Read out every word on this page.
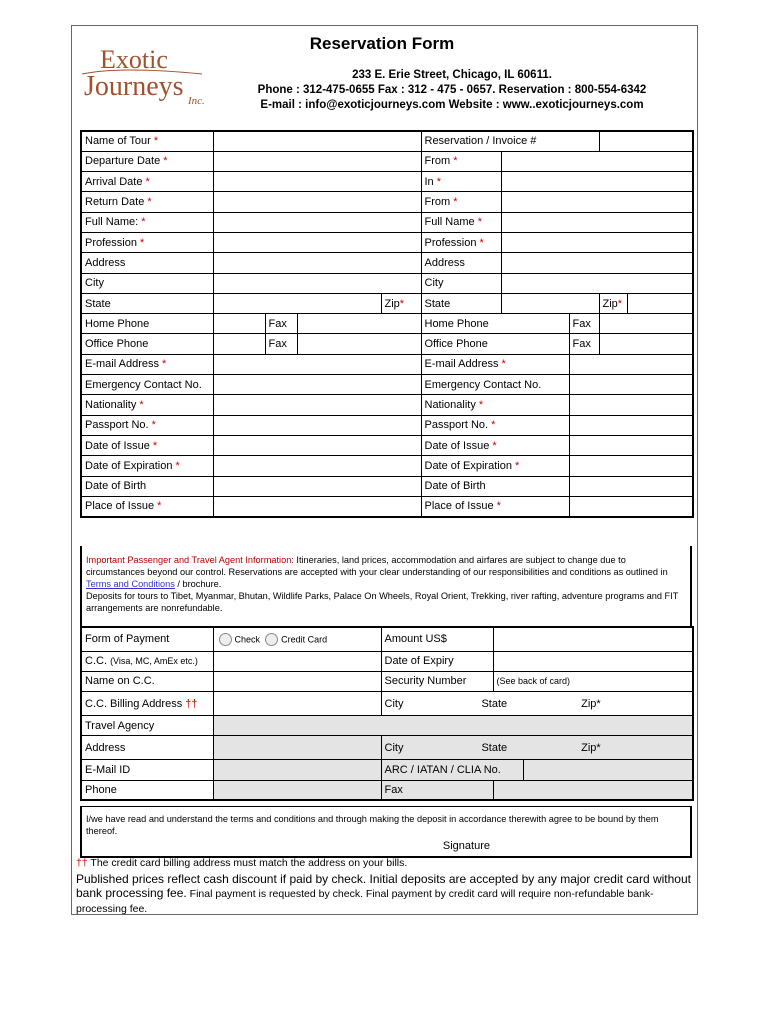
Exotic
Journeys Inc.
Reservation Form
233 E. Erie Street, Chicago, IL 60611.
Phone : 312-475-0655 Fax : 312 - 475 - 0657. Reservation : 800-554-6342
E-mail : info@exoticjourneys.com Website : www..exoticjourneys.com
Name of Tour *					Reservation / Invoice #				
Departure Date *					From *				
Arrival Date *					In *				
Return Date *					From *				
Full Name: *					Full Name *				
Profession *					Profession *				
Address					Address				
City					City				
State				Zip*	State			Zip*	
Home Phone		Fax			Home Phone		Fax		
Office Phone		Fax			Office Phone		Fax		
E-mail Address *					E-mail Address *				
Emergency Contact No.					Emergency Contact No.				
Nationality *					Nationality *				
Passport No. *					Passport No. *				
Date of Issue *					Date of Issue *				
Date of Expiration *					Date of Expiration *				
Date of Birth					Date of Birth				
Place of Issue *					Place of Issue *				
Important Passenger and Travel Agent Information: Itineraries, land prices, accommodation and airfares are subject to change due to circumstances beyond our control. Reservations are accepted with your clear understanding of our responsibilities and conditions as outlined in Terms and Conditions / brochure.
Deposits for tours to Tibet, Myanmar, Bhutan, Wildlife Parks, Palace On Wheels, Royal Orient, Trekking, river rafting, adventure programs and FIT arrangements are nonrefundable.
Form of Payment	Check Credit Card	Amount US$		
C.C. (Visa, MC, AmEx etc.)		Date of Expiry		
Name on C.C.		Security Number	(See back of card)	
C.C. Billing Address ††		City State Zip*		
Travel Agency				
Address		City State Zip*		
E-Mail ID		ARC / IATAN / CLIA No.		
Phone		Fax		
I/we have read and understand the terms and conditions and through making the deposit in accordance therewith agree to be bound by them thereof.
Signature
†† The credit card billing address must match the address on your bills.
Published prices reflect cash discount if paid by check. Initial deposits are accepted by any major credit card without bank processing fee. Final payment is requested by check. Final payment by credit card will require non-refundable bank-processing fee.
